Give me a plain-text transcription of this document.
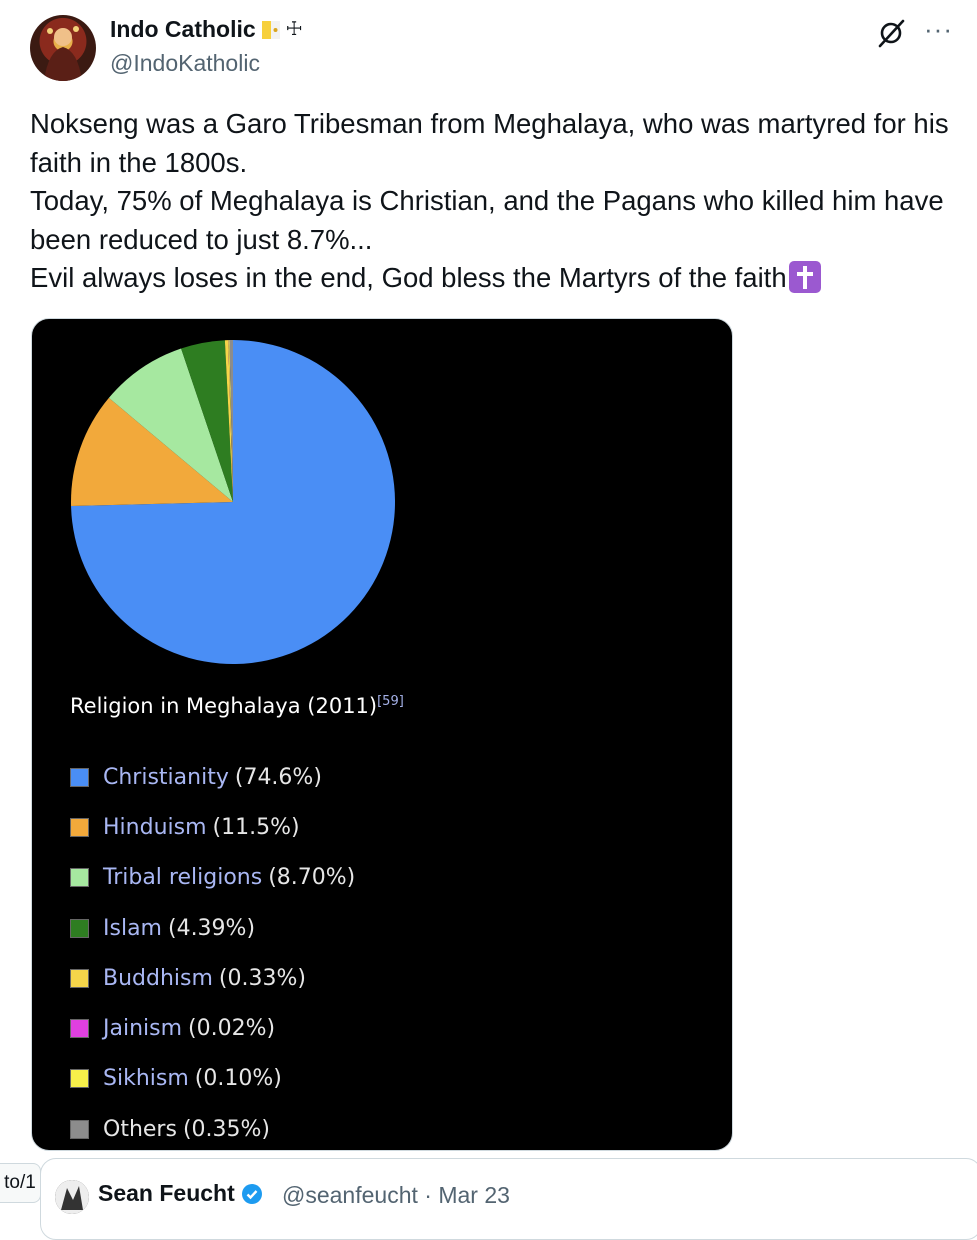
Indo Catholic ☩
@IndoKatholic
···
Nokseng was a Garo Tribesman from Meghalaya, who was martyred for his faith in the 1800s.
Today, 75% of Meghalaya is Christian, and the Pagans who killed him have been reduced to just 8.7%...
Evil always loses in the end, God bless the Martyrs of the faith
Religion in Meghalaya (2011)[59]
Christianity (74.6%)
Hinduism (11.5%)
Tribal religions (8.70%)
Islam (4.39%)
Buddhism (0.33%)
Jainism (0.02%)
Sikhism (0.10%)
Others (0.35%)
Sean Feucht @seanfeucht · Mar 23
to/1
